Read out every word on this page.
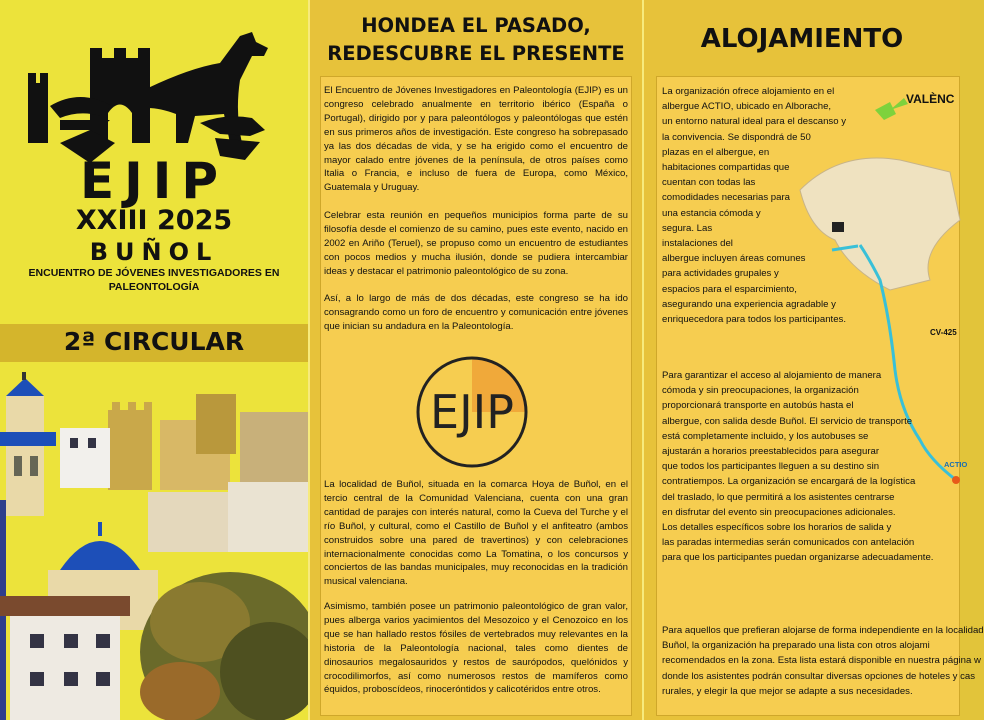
EJIP
XXIII 2025
BUÑOL
ENCUENTRO DE JÓVENES INVESTIGADORES EN
PALEONTOLOGÍA
2ª CIRCULAR
HONDEA EL PASADO,
REDESCUBRE EL PRESENTE

El Encuentro de Jóvenes Investigadores en Paleontología (EJIP) es un congreso celebrado anualmente en territorio ibérico (España o Portugal), dirigido por y para paleontólogos y paleontólogas que estén en sus primeros años de investigación. Este congreso ha sobrepasado ya las dos décadas de vida, y se ha erigido como el encuentro de mayor calado entre jóvenes de la península, de otros países como Italia o Francia, e incluso de fuera de Europa, como México, Guatemala y Uruguay.

Celebrar esta reunión en pequeños municipios forma parte de su filosofía desde el comienzo de su camino, pues este evento, nacido en 2002 en Ariño (Teruel), se propuso como un encuentro de estudiantes con pocos medios y mucha ilusión, donde se pudiera intercambiar ideas y destacar el patrimonio paleontológico de su zona.

Así, a lo largo de más de dos décadas, este congreso se ha ido consagrando como un foro de encuentro y comunicación entre jóvenes que inician su andadura en la Paleontología.

EJIP

La localidad de Buñol, situada en la comarca Hoya de Buñol, en el tercio central de la Comunidad Valenciana, cuenta con una gran cantidad de parajes con interés natural, como la Cueva del Turche y el río Buñol, y cultural, como el Castillo de Buñol y el anfiteatro (ambos construidos sobre una pared de travertinos) y con celebraciones internacionalmente conocidas como La Tomatina, o los concursos y conciertos de las bandas municipales, muy reconocidas en la tradición musical valenciana.

Asimismo, también posee un patrimonio paleontológico de gran valor, pues alberga varios yacimientos del Mesozoico y el Cenozoico en los que se han hallado restos fósiles de vertebrados muy relevantes en la historia de la Paleontología nacional, tales como dientes de dinosaurios megalosauridos y restos de saurópodos, quelónidos y crocodilimorfos, así como numerosos restos de mamíferos como équidos, proboscídeos, rinoceróntidos y calicotéridos entre otros.

ALOJAMIENTO
VALÈNC
CV-425
ACTIO
La organización ofrece alojamiento en el
albergue ACTIO, ubicado en Alborache,
un entorno natural ideal para el descanso y
la convivencia. Se dispondrá de 50
plazas en el albergue, en
habitaciones compartidas que
cuentan con todas las
comodidades necesarias para
una estancia cómoda y
segura. Las
instalaciones del
albergue incluyen áreas comunes
para actividades grupales y
espacios para el esparcimiento,
asegurando una experiencia agradable y
enriquecedora para todos los participantes.
Para garantizar el acceso al alojamiento de manera
cómoda y sin preocupaciones, la organización
proporcionará transporte en autobús hasta el
albergue, con salida desde Buñol. El servicio de transporte
está completamente incluido, y los autobuses se
ajustarán a horarios preestablecidos para asegurar
que todos los participantes lleguen a su destino sin
contratiempos. La organización se encargará de la logística
del traslado, lo que permitirá a los asistentes centrarse
en disfrutar del evento sin preocupaciones adicionales.
Los detalles específicos sobre los horarios de salida y
las paradas intermedias serán comunicados con antelación
para que los participantes puedan organizarse adecuadamente.
Para aquellos que prefieran alojarse de forma independiente en la localidad
Buñol, la organización ha preparado una lista con otros alojami
recomendados en la zona. Esta lista estará disponible en nuestra página w
donde los asistentes podrán consultar diversas opciones de hoteles y cas
rurales, y elegir la que mejor se adapte a sus necesidades.
